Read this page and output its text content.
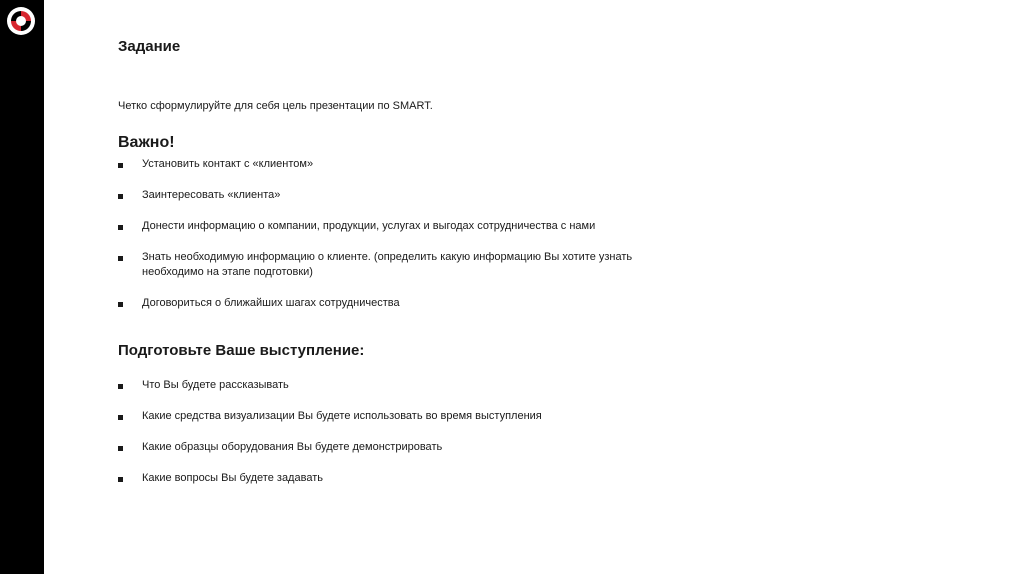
Задание

Четко сформулируйте для себя цель презентации по SMART.

Важно!
Установить контакт с «клиентом»
Заинтересовать «клиента»
Донести информацию о компании, продукции, услугах и выгодах сотрудничества с нами
Знать необходимую информацию о клиенте. (определить какую информацию Вы хотите узнать необходимо на этапе подготовки)
Договориться о ближайших шагах сотрудничества
Подготовьте Ваше выступление:
Что Вы будете рассказывать
Какие средства визуализации Вы будете использовать во время выступления
Какие образцы оборудования Вы будете демонстрировать
Какие вопросы Вы будете задавать
